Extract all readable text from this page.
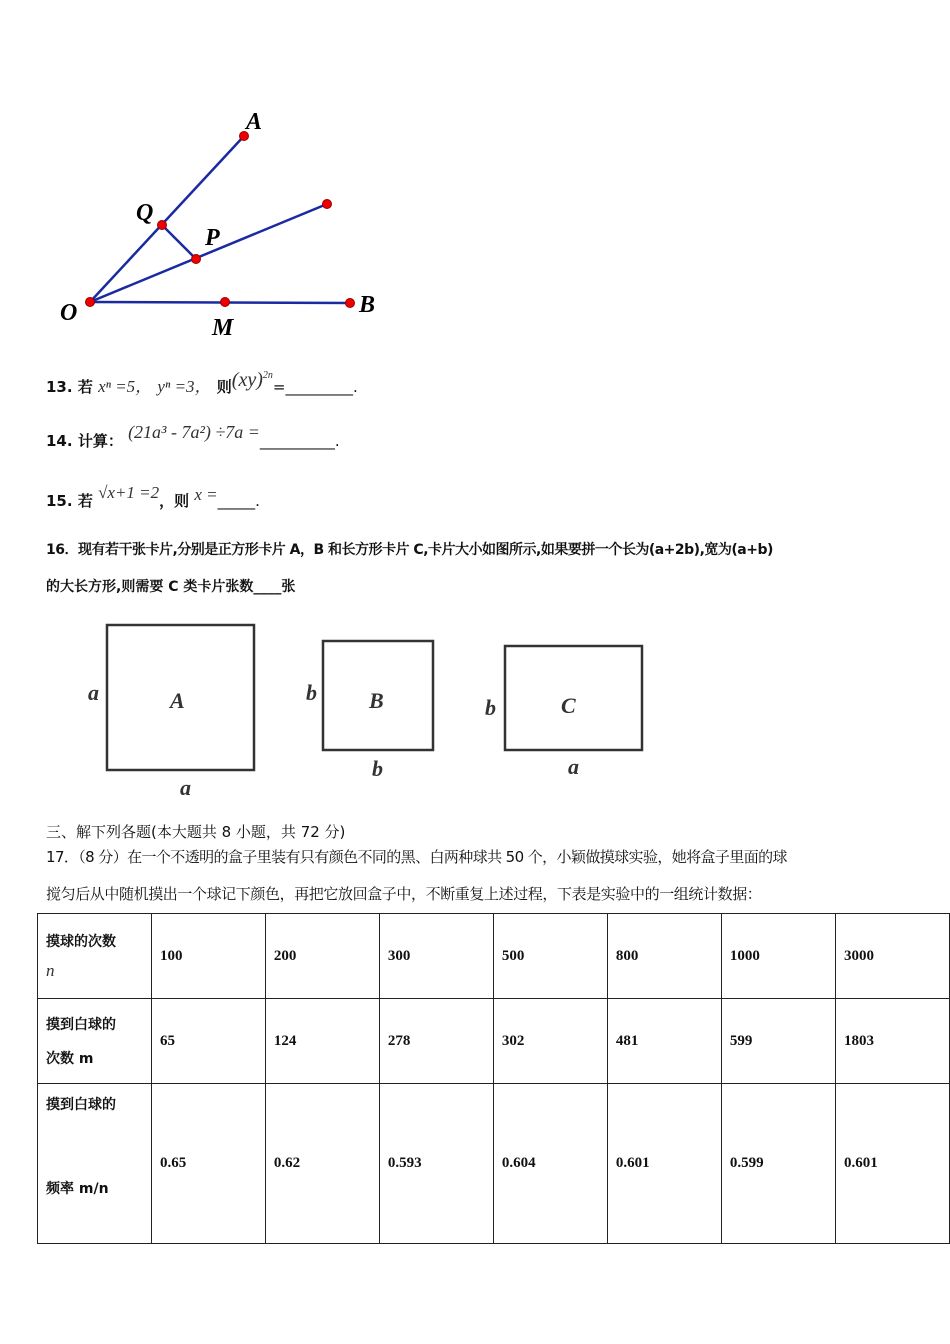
A
Q
P
O
M
B
13. 若 xⁿ =5， yⁿ =3， 则(xy)$^{2n}$=_________.
14. 计算： (21a³ - 7a²) ÷7a =__________.
15. 若 √x+1 =2，则 x =_____.
16．现有若干张卡片,分别是正方形卡片 A，B 和长方形卡片 C,卡片大小如图所示,如果要拼一个长为(a+2b),宽为(a+b)
的大长方形,则需要 C 类卡片张数____张
A
a
a
B
b
b
C
b
a
三、解下列各题(本大题共 8 小题，共 72 分)
17．（8 分）在一个不透明的盒子里装有只有颜色不同的黑、白两种球共 50 个，小颖做摸球实验，她将盒子里面的球
搅匀后从中随机摸出一个球记下颜色，再把它放回盒子中，不断重复上述过程，下表是实验中的一组统计数据：
摸球的次数
n	100	200	300	500	800	1000	3000

摸到白球的
次数 m	65	124	278	302	481	599	1803

摸到白球的
频率 m/n	0.65	0.62	0.593	0.604	0.601	0.599	0.601
